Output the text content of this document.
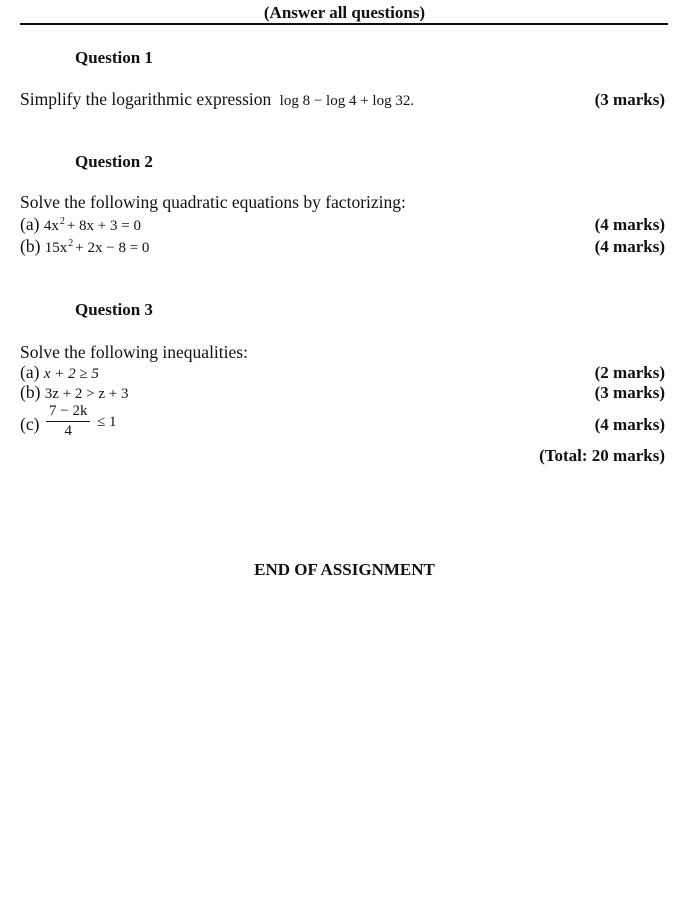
(Answer all questions)
Question 1
Simplify the logarithmic expression log 8 − log 4 + log 32.	(3 marks)
Question 2
Solve the following quadratic equations by factorizing:
(a) $4x^2 + 8x + 3 = 0$	(4 marks)
(b) $15x^2 + 2x - 8 = 0$	(4 marks)
Question 3
Solve the following inequalities:
(a) x + 2 ≥ 5	(2 marks)
(b) 3z + 2 > z + 3	(3 marks)
(c)
7 − 2k
4
≤ 1	(4 marks)
(Total: 20 marks)
END OF ASSIGNMENT
